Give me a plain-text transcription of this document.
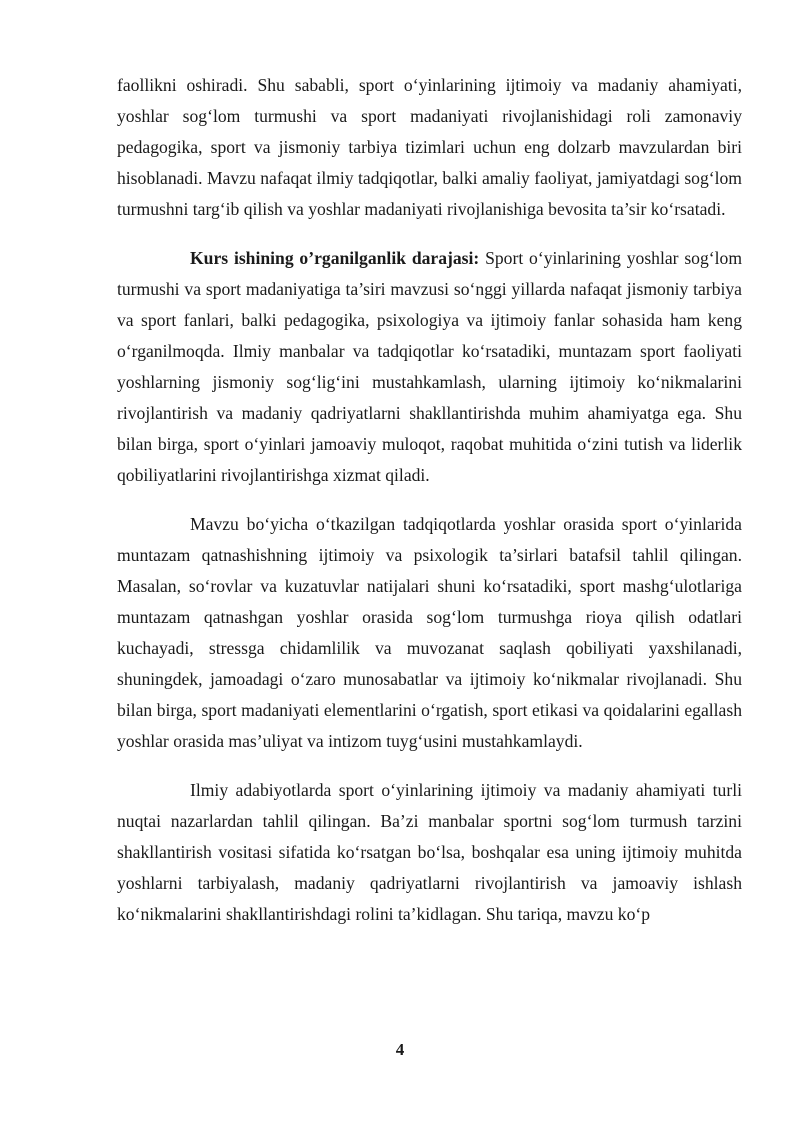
faollikni oshiradi. Shu sababli, sport o‘yinlarining ijtimoiy va madaniy ahamiyati, yoshlar sog‘lom turmushi va sport madaniyati rivojlanishidagi roli zamonaviy pedagogika, sport va jismoniy tarbiya tizimlari uchun eng dolzarb mavzulardan biri hisoblanadi. Mavzu nafaqat ilmiy tadqiqotlar, balki amaliy faoliyat, jamiyatdagi sog‘lom turmushni targ‘ib qilish va yoshlar madaniyati rivojlanishiga bevosita ta’sir ko‘rsatadi.

Kurs ishining o’rganilganlik darajasi: Sport o‘yinlarining yoshlar sog‘lom turmushi va sport madaniyatiga ta’siri mavzusi so‘nggi yillarda nafaqat jismoniy tarbiya va sport fanlari, balki pedagogika, psixologiya va ijtimoiy fanlar sohasida ham keng o‘rganilmoqda. Ilmiy manbalar va tadqiqotlar ko‘rsatadiki, muntazam sport faoliyati yoshlarning jismoniy sog‘lig‘ini mustahkamlash, ularning ijtimoiy ko‘nikmalarini rivojlantirish va madaniy qadriyatlarni shakllantirishda muhim ahamiyatga ega. Shu bilan birga, sport o‘yinlari jamoaviy muloqot, raqobat muhitida o‘zini tutish va liderlik qobiliyatlarini rivojlantirishga xizmat qiladi.

Mavzu bo‘yicha o‘tkazilgan tadqiqotlarda yoshlar orasida sport o‘yinlarida muntazam qatnashishning ijtimoiy va psixologik ta’sirlari batafsil tahlil qilingan. Masalan, so‘rovlar va kuzatuvlar natijalari shuni ko‘rsatadiki, sport mashg‘ulotlariga muntazam qatnashgan yoshlar orasida sog‘lom turmushga rioya qilish odatlari kuchayadi, stressga chidamlilik va muvozanat saqlash qobiliyati yaxshilanadi, shuningdek, jamoadagi o‘zaro munosabatlar va ijtimoiy ko‘nikmalar rivojlanadi. Shu bilan birga, sport madaniyati elementlarini o‘rgatish, sport etikasi va qoidalarini egallash yoshlar orasida mas’uliyat va intizom tuyg‘usini mustahkamlaydi.

Ilmiy adabiyotlarda sport o‘yinlarining ijtimoiy va madaniy ahamiyati turli nuqtai nazarlardan tahlil qilingan. Ba’zi manbalar sportni sog‘lom turmush tarzini shakllantirish vositasi sifatida ko‘rsatgan bo‘lsa, boshqalar esa uning ijtimoiy muhitda yoshlarni tarbiyalash, madaniy qadriyatlarni rivojlantirish va jamoaviy ishlash ko‘nikmalarini shakllantirishdagi rolini ta’kidlagan. Shu tariqa, mavzu ko‘p

4
